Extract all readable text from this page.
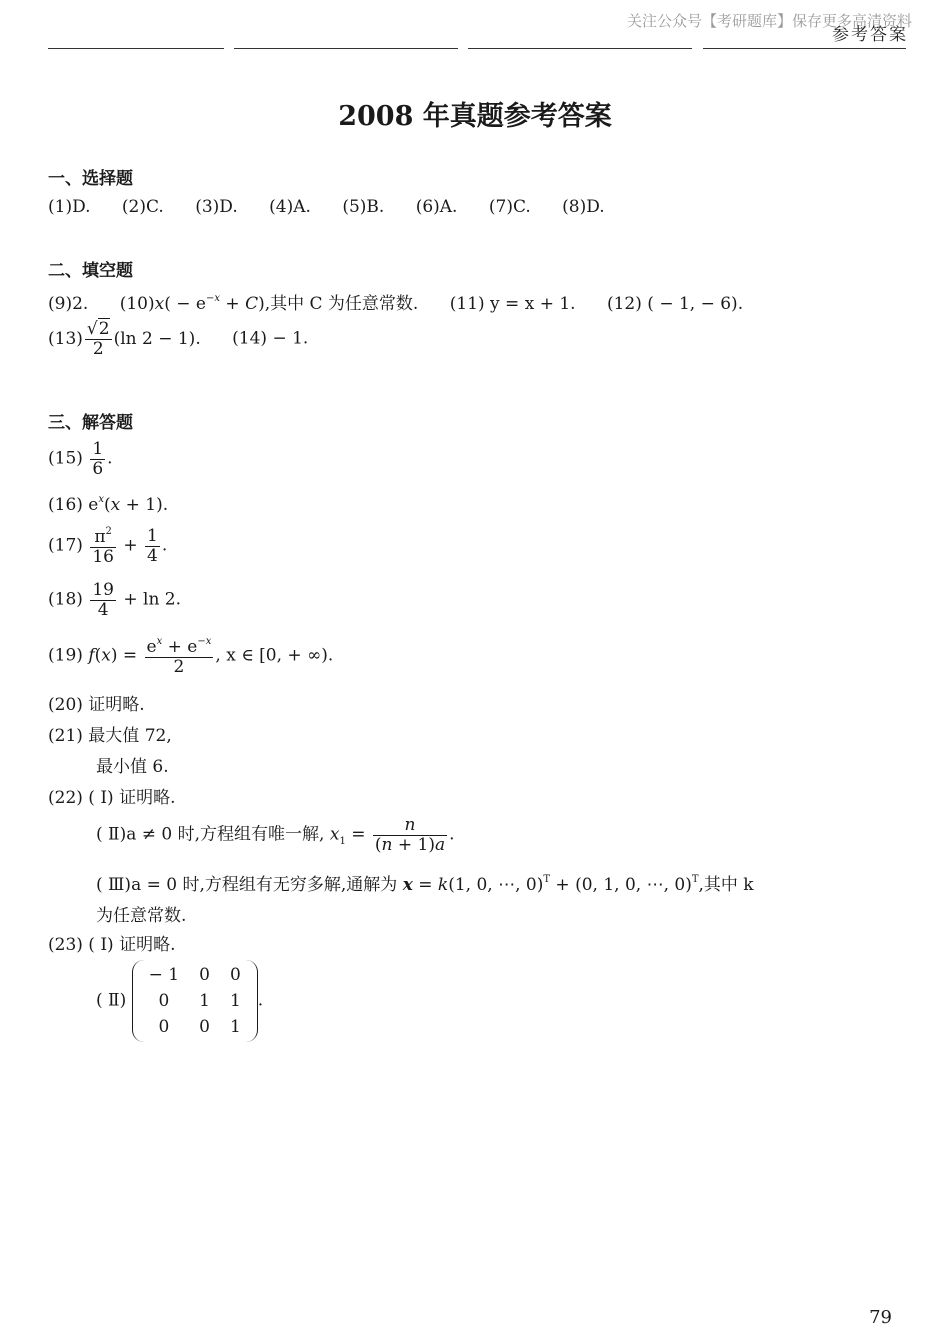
关注公众号【考研题库】保存更多高清资料
参考答案
2008 年真题参考答案
一、选择题
(1)D. (2)C. (3)D. (4)A. (5)B. (6)A. (7)C. (8)D.
二、填空题
(9)2. $(10)x( - e^{-x} + C)$,其中 C 为任意常数. (11) y = x + 1. (12) ( − 1, − 6).
$(13) \frac{√2}{2} (\ln$ 2 − 1). (14) − 1.
三、解答题
$(15) \frac{1}{6}$ .
(16) $e^x(x + 1)$.
$(17) \frac{\pi^2}{16} + \frac{1}{4}$ .
$(18) \frac{19}{4} + \ln 2$.
(19) $f(x) = \frac{e^x + e^{-x}}{2}$ , x ∈ [0, + ∞).
(20) 证明略.
(21) 最大值 72,
最小值 6.
(22) ( Ⅰ) 证明略.
( Ⅱ)a ≠ 0 时,方程组有唯一解, $x_1 = \frac{n}{(n + 1)a}$ .
( Ⅲ)a = 0 时,方程组有无穷多解,通解为 x = k(1, 0, ⋯, 0)$^T$ + (0, 1, 0, ⋯, 0)$^T$,其中 k
为任意常数.
(23) ( Ⅰ) 证明略.
( Ⅱ)
− 1	0	0
0	1	1
0	0	1
.
79
